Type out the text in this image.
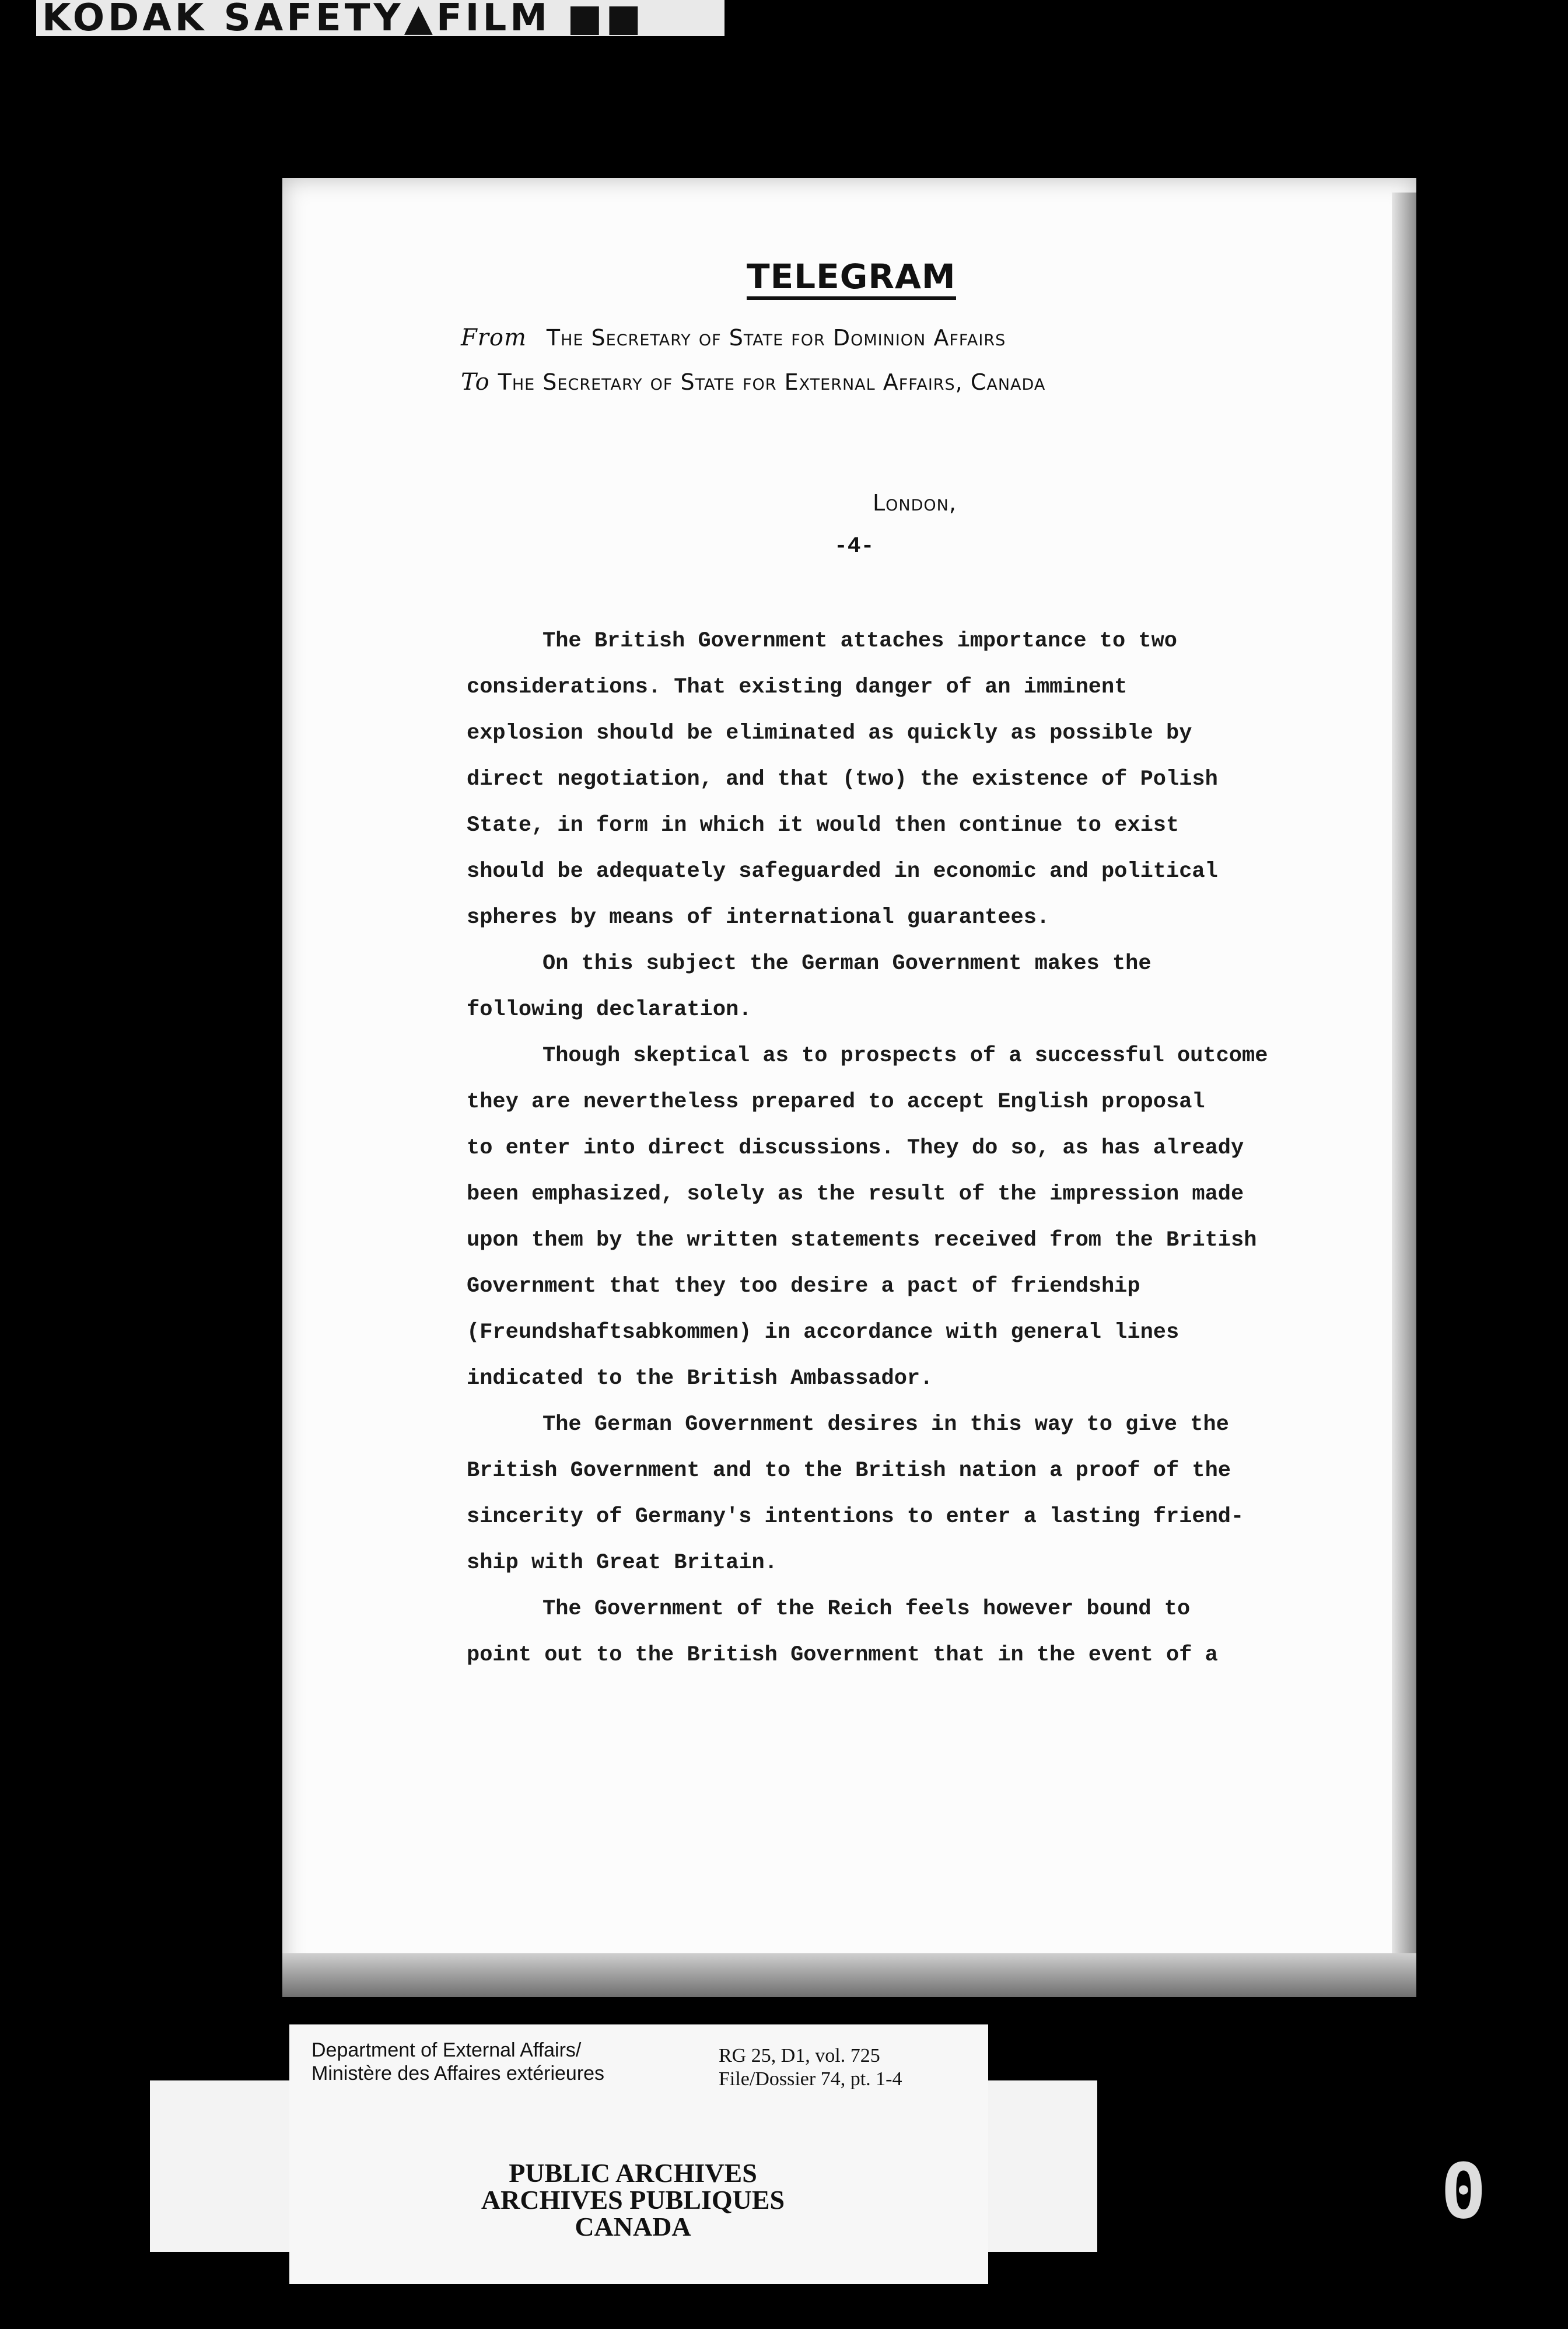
KODAK SAFETY▲FILM ■■
TELEGRAM
From The Secretary of State for Dominion Affairs
To The Secretary of State for External Affairs, Canada
London,
-4-

The British Government attaches importance to two
considerations. That existing danger of an imminent
explosion should be eliminated as quickly as possible by
direct negotiation, and that (two) the existence of Polish
State, in form in which it would then continue to exist
should be adequately safeguarded in economic and political
spheres by means of international guarantees.

On this subject the German Government makes the
following declaration.

Though skeptical as to prospects of a successful outcome
they are nevertheless prepared to accept English proposal
to enter into direct discussions. They do so, as has already
been emphasized, solely as the result of the impression made
upon them by the written statements received from the British
Government that they too desire a pact of friendship
(Freundshaftsabkommen) in accordance with general lines
indicated to the British Ambassador.

The German Government desires in this way to give the
British Government and to the British nation a proof of the
sincerity of Germany's intentions to enter a lasting friend-
ship with Great Britain.

The Government of the Reich feels however bound to
point out to the British Government that in the event of a

Department of External Affairs/
Ministère des Affaires extérieures
RG 25, D1, vol. 725
File/Dossier 74, pt. 1-4
PUBLIC ARCHIVES
ARCHIVES PUBLIQUES
CANADA	0
